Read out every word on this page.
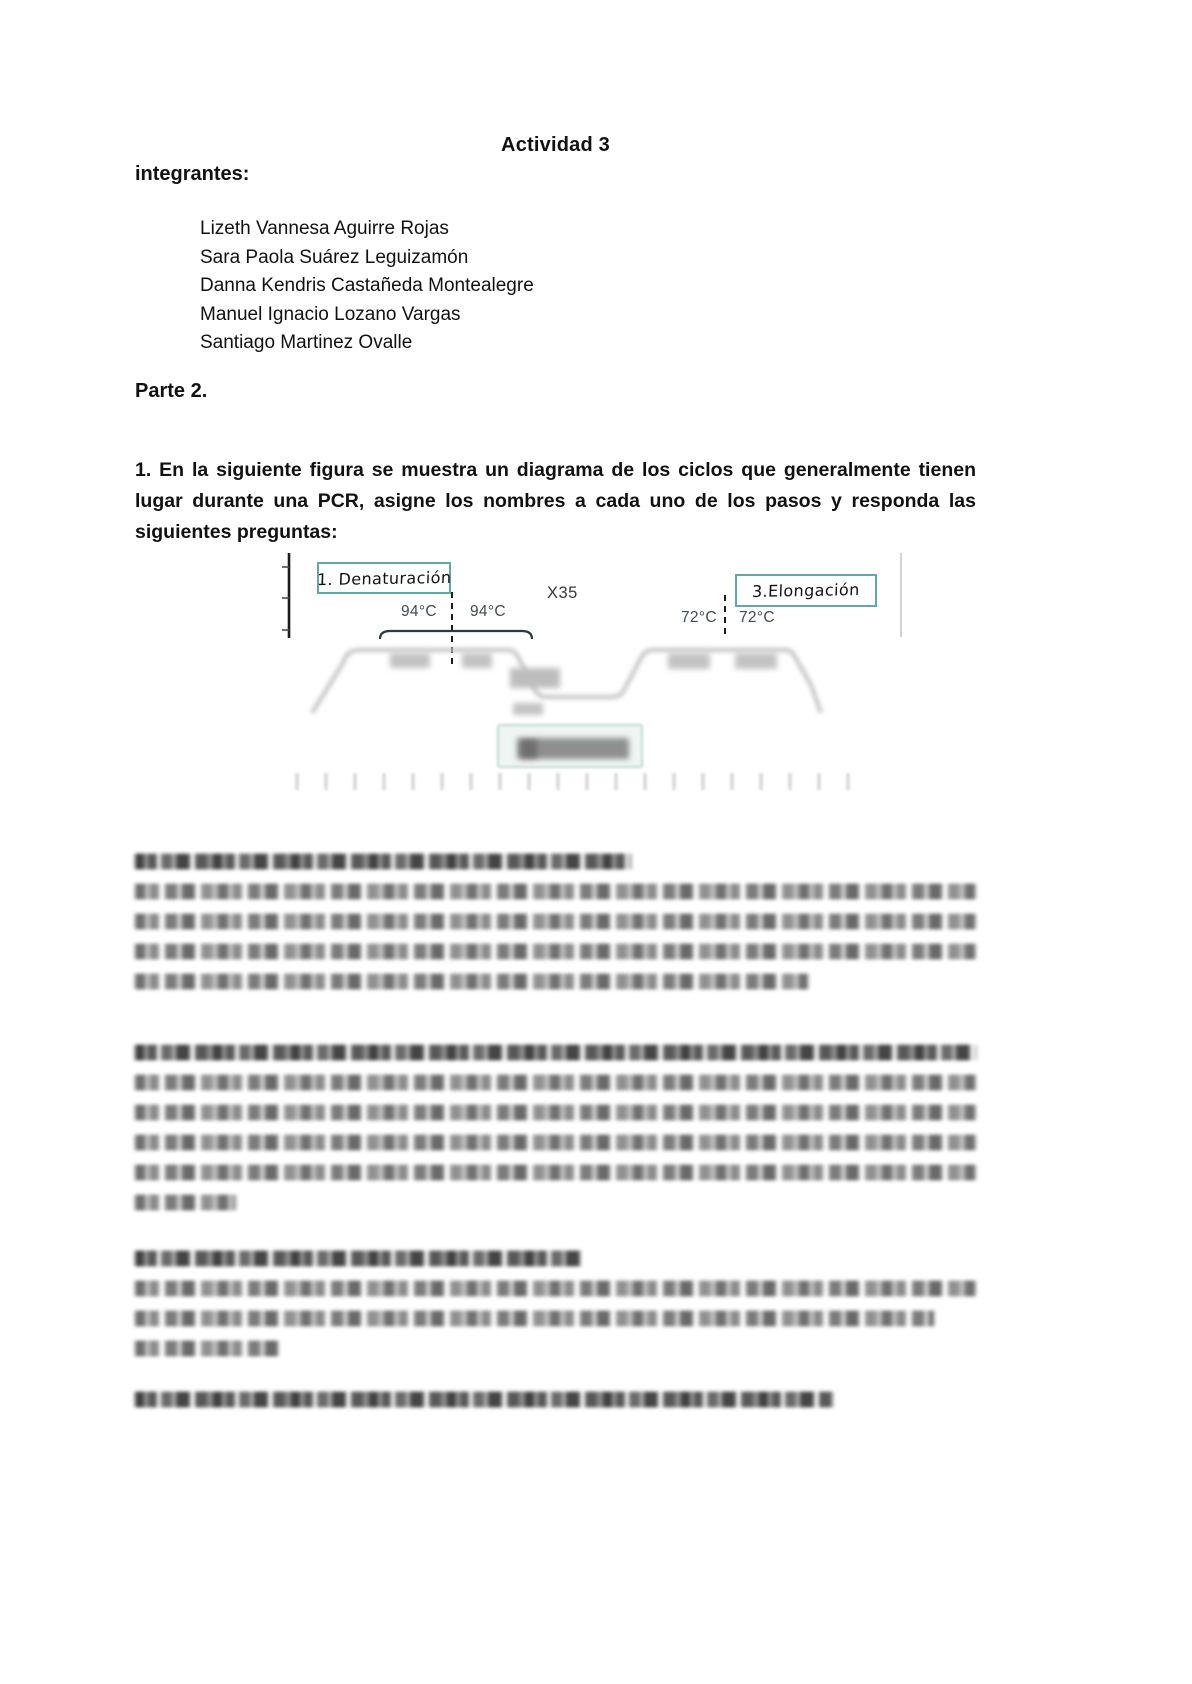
Actividad 3
integrantes:
Lizeth Vannesa Aguirre Rojas
Sara Paola Suárez Leguizamón
Danna Kendris Castañeda Montealegre
Manuel Ignacio Lozano Vargas
Santiago Martinez Ovalle
Parte 2.
1. En la siguiente figura se muestra un diagrama de los ciclos que generalmente tienen lugar durante una PCR, asigne los nombres a cada uno de los pasos y responda las siguientes preguntas:
1. Denaturación
3.Elongación
94°C 94°C	72°C 72°C
X35
